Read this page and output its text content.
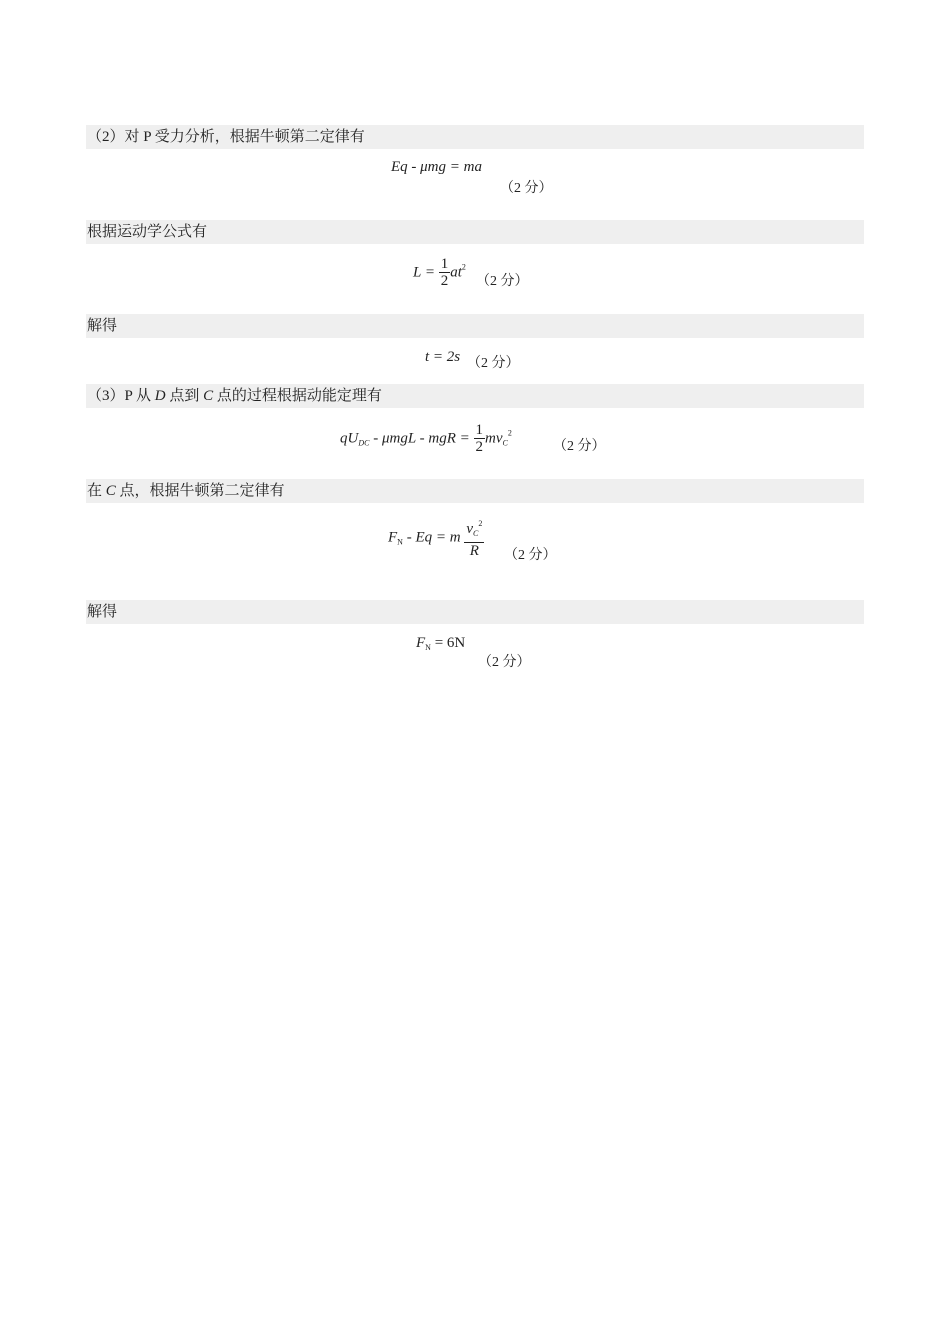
（2）对 P 受力分析，根据牛顿第二定律有
Eq - μmg = ma
（2 分）
根据运动学公式有
$L = \frac{1}{2} at^2$
（2 分）
解得
t = 2s （2 分）
（3）P 从 D 点到 C 点的过程根据动能定理有
$qU_{DC}$ - μmgL - mgR = $\frac{1}{2} mv_C^2$
（2 分）
在 C 点，根据牛顿第二定律有
$F_N - Eq = m \frac{v_C^2}{R} (2$ 分）
解得
$F_N = 6N$
（2 分）
